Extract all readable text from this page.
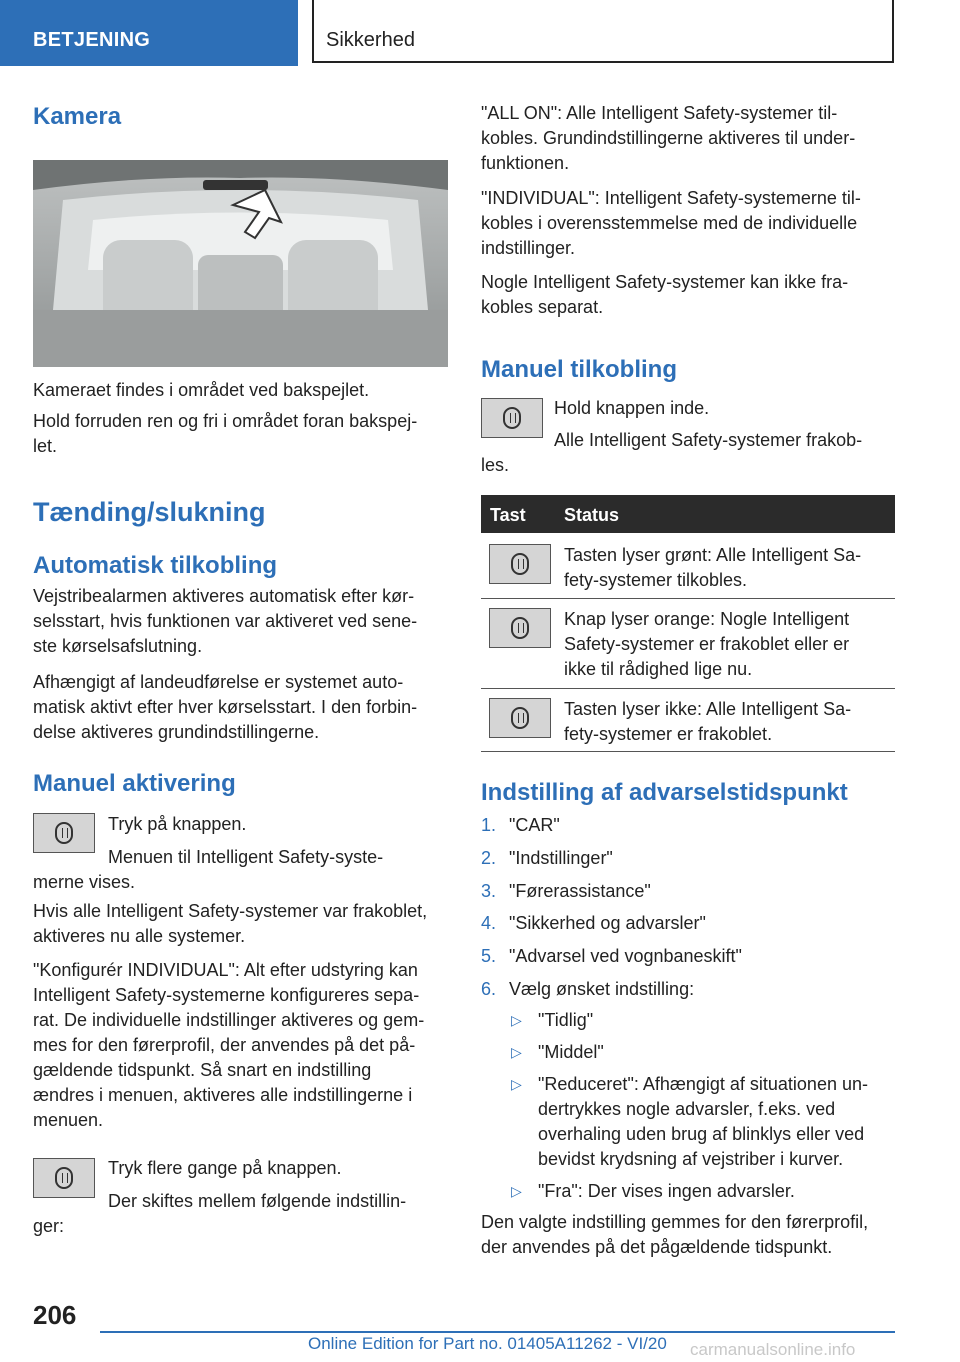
BETJENING	Sikkerhed
Kamera

Kameraet findes i området ved bakspejlet.

Hold forruden ren og fri i området foran bakspej-

let.

Tænding/slukning
Automatisk tilkobling

Vejstribealarmen aktiveres automatisk efter kør-

selsstart, hvis funktionen var aktiveret ved sene-

ste kørselsafslutning.

Afhængigt af landeudførelse er systemet auto-

matisk aktivt efter hver kørselsstart. I den forbin-

delse aktiveres grundindstillingerne.

Manuel aktivering

Tryk på knappen.

Menuen til Intelligent Safety-syste-

merne vises.

Hvis alle Intelligent Safety-systemer var frakoblet,

aktiveres nu alle systemer.

"Konfigurér INDIVIDUAL": Alt efter udstyring kan

Intelligent Safety-systemerne konfigureres sepa-

rat. De individuelle indstillinger aktiveres og gem-

mes for den førerprofil, der anvendes på det på-

gældende tidspunkt. Så snart en indstilling

ændres i menuen, aktiveres alle indstillingerne i

menuen.

Tryk flere gange på knappen.

Der skiftes mellem følgende indstillin-

ger:

"ALL ON": Alle Intelligent Safety-systemer til-

kobles. Grundindstillingerne aktiveres til under-

funktionen.

"INDIVIDUAL": Intelligent Safety-systemerne til-

kobles i overensstemmelse med de individuelle

indstillinger.

Nogle Intelligent Safety-systemer kan ikke fra-

kobles separat.

Manuel tilkobling

Hold knappen inde.

Alle Intelligent Safety-systemer frakob-

les.

Tast Status

Tasten lyser grønt: Alle Intelligent Sa-

fety-systemer tilkobles.

Knap lyser orange: Nogle Intelligent

Safety-systemer er frakoblet eller er

ikke til rådighed lige nu.

Tasten lyser ikke: Alle Intelligent Sa-

fety-systemer er frakoblet.

Indstilling af advarselstidspunkt
1. "CAR"

2. "Indstillinger"

3. "Førerassistance"

4. "Sikkerhed og advarsler"

5. "Advarsel ved vognbaneskift"

6. Vælg ønsket indstilling:

▷ "Tidlig"

▷ "Middel"

▷ "Reduceret": Afhængigt af situationen un-

dertrykkes nogle advarsler, f.eks. ved

overhaling uden brug af blinklys eller ved

bevidst krydsning af vejstriber i kurver.

▷ "Fra": Der vises ingen advarsler.

Den valgte indstilling gemmes for den førerprofil,

der anvendes på det pågældende tidspunkt.

206
Online Edition for Part no. 01405A11262 - VI/20 carmanualsonline.info
